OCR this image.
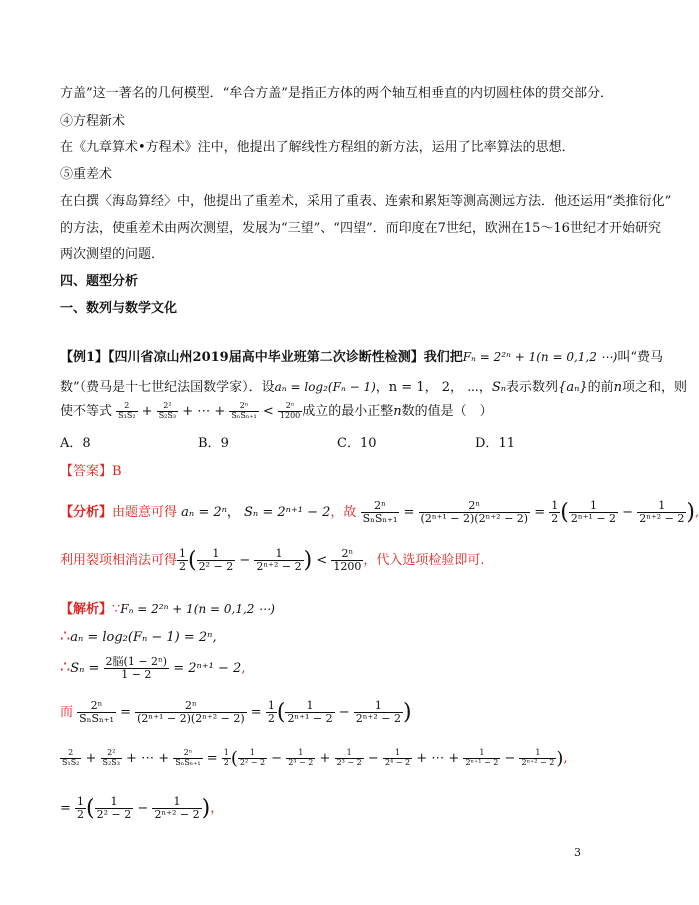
方盖”这一著名的几何模型．“牟合方盖”是指正方体的两个轴互相垂直的内切圆柱体的贯交部分．
④方程新术
在《九章算术•方程术》注中，他提出了解线性方程组的新方法，运用了比率算法的思想．
⑤重差术
在白撰〈海岛算经〉中，他提出了重差术，采用了重表、连索和累矩等测高测远方法．他还运用“类推衍化”
的方法，使重差术由两次测望，发展为“三望”、“四望”．而印度在7世纪，欧洲在15～16世纪才开始研究
两次测望的问题．
四、题型分析
一、数列与数学文化
【例1】【四川省凉山州2019届高中毕业班第二次诊断性检测】我们把Fₙ = 2²ⁿ + 1(n = 0,1,2 ⋯)叫“费马
数”（费马是十七世纪法国数学家）．设aₙ = log₂(Fₙ − 1)，n = 1， 2， ⋯，Sₙ表示数列{aₙ}的前n项之和，则
使不等式 $\frac{2}{\text{S₁S₂}} + \frac{\text{2²}}{\text{S₂S₃}}$ + ⋯ + $\frac{\text{2ⁿ}}{\text{SₙSₙ₊₁}} < \frac{\text{2ⁿ}}{1200}$ 成立的最小正整n数的值是（　）
A．8	B．9	C．10	D．11
【答案】B
【分析】由题意可得 aₙ = 2ⁿ， Sₙ = 2ⁿ⁺¹ − 2，故 $\frac{\text{2ⁿ}}{\text{SₙSₙ₊₁}} = \frac{\text{2ⁿ}}{\text{(2ⁿ⁺¹ − 2)(2ⁿ⁺² − 2)}} = \frac{1}{2}$ ( $\frac{1}{\text{2ⁿ⁺¹ − 2}} - \frac{1}{\text{2ⁿ⁺² − 2}}$ ),
利用裂项相消法可得 $\frac{1}{2}$ ( $\frac{1}{\text{2² − 2}} - \frac{1}{\text{2ⁿ⁺² − 2}}$ ) < $\frac{\text{2ⁿ}}{1200}$ ，代入选项检验即可.
【解析】∵Fₙ = 2²ⁿ + 1(n = 0,1,2 ⋯)
∴aₙ = log₂(Fₙ − 1) = 2ⁿ,
∴Sₙ = $\frac{\text{2脳(1 − 2ⁿ)}}{1 - 2} = 2^{n+1} - 2$,
而 $\frac{\text{2ⁿ}}{\text{SₙSₙ₊₁}} = \frac{\text{2ⁿ}}{\text{(2ⁿ⁺¹ − 2)(2ⁿ⁺² − 2)}} = \frac{1}{2}$ ( $\frac{1}{\text{2ⁿ⁺¹ − 2}} - \frac{1}{\text{2ⁿ⁺² − 2}}$ )
$\frac{2}{\text{S₁S₂}} + \frac{\text{2²}}{\text{S₂S₃}}$ + ⋯ + $\frac{\text{2ⁿ}}{\text{SₙSₙ₊₁}} = \frac{1}{2}$ ( $\frac{1}{\text{2² − 2}} - \frac{1}{\text{2³ − 2}} + \frac{1}{\text{2³ − 2}} - \frac{1}{\text{2⁴ − 2}}$ + ⋯ + $\frac{1}{\text{2ⁿ⁺¹ − 2}} - \frac{1}{\text{2ⁿ⁺² − 2}}$ ),
= $\frac{1}{2}$ ( $\frac{1}{\text{2² − 2}} - \frac{1}{\text{2ⁿ⁺² − 2}}$ )，
3
